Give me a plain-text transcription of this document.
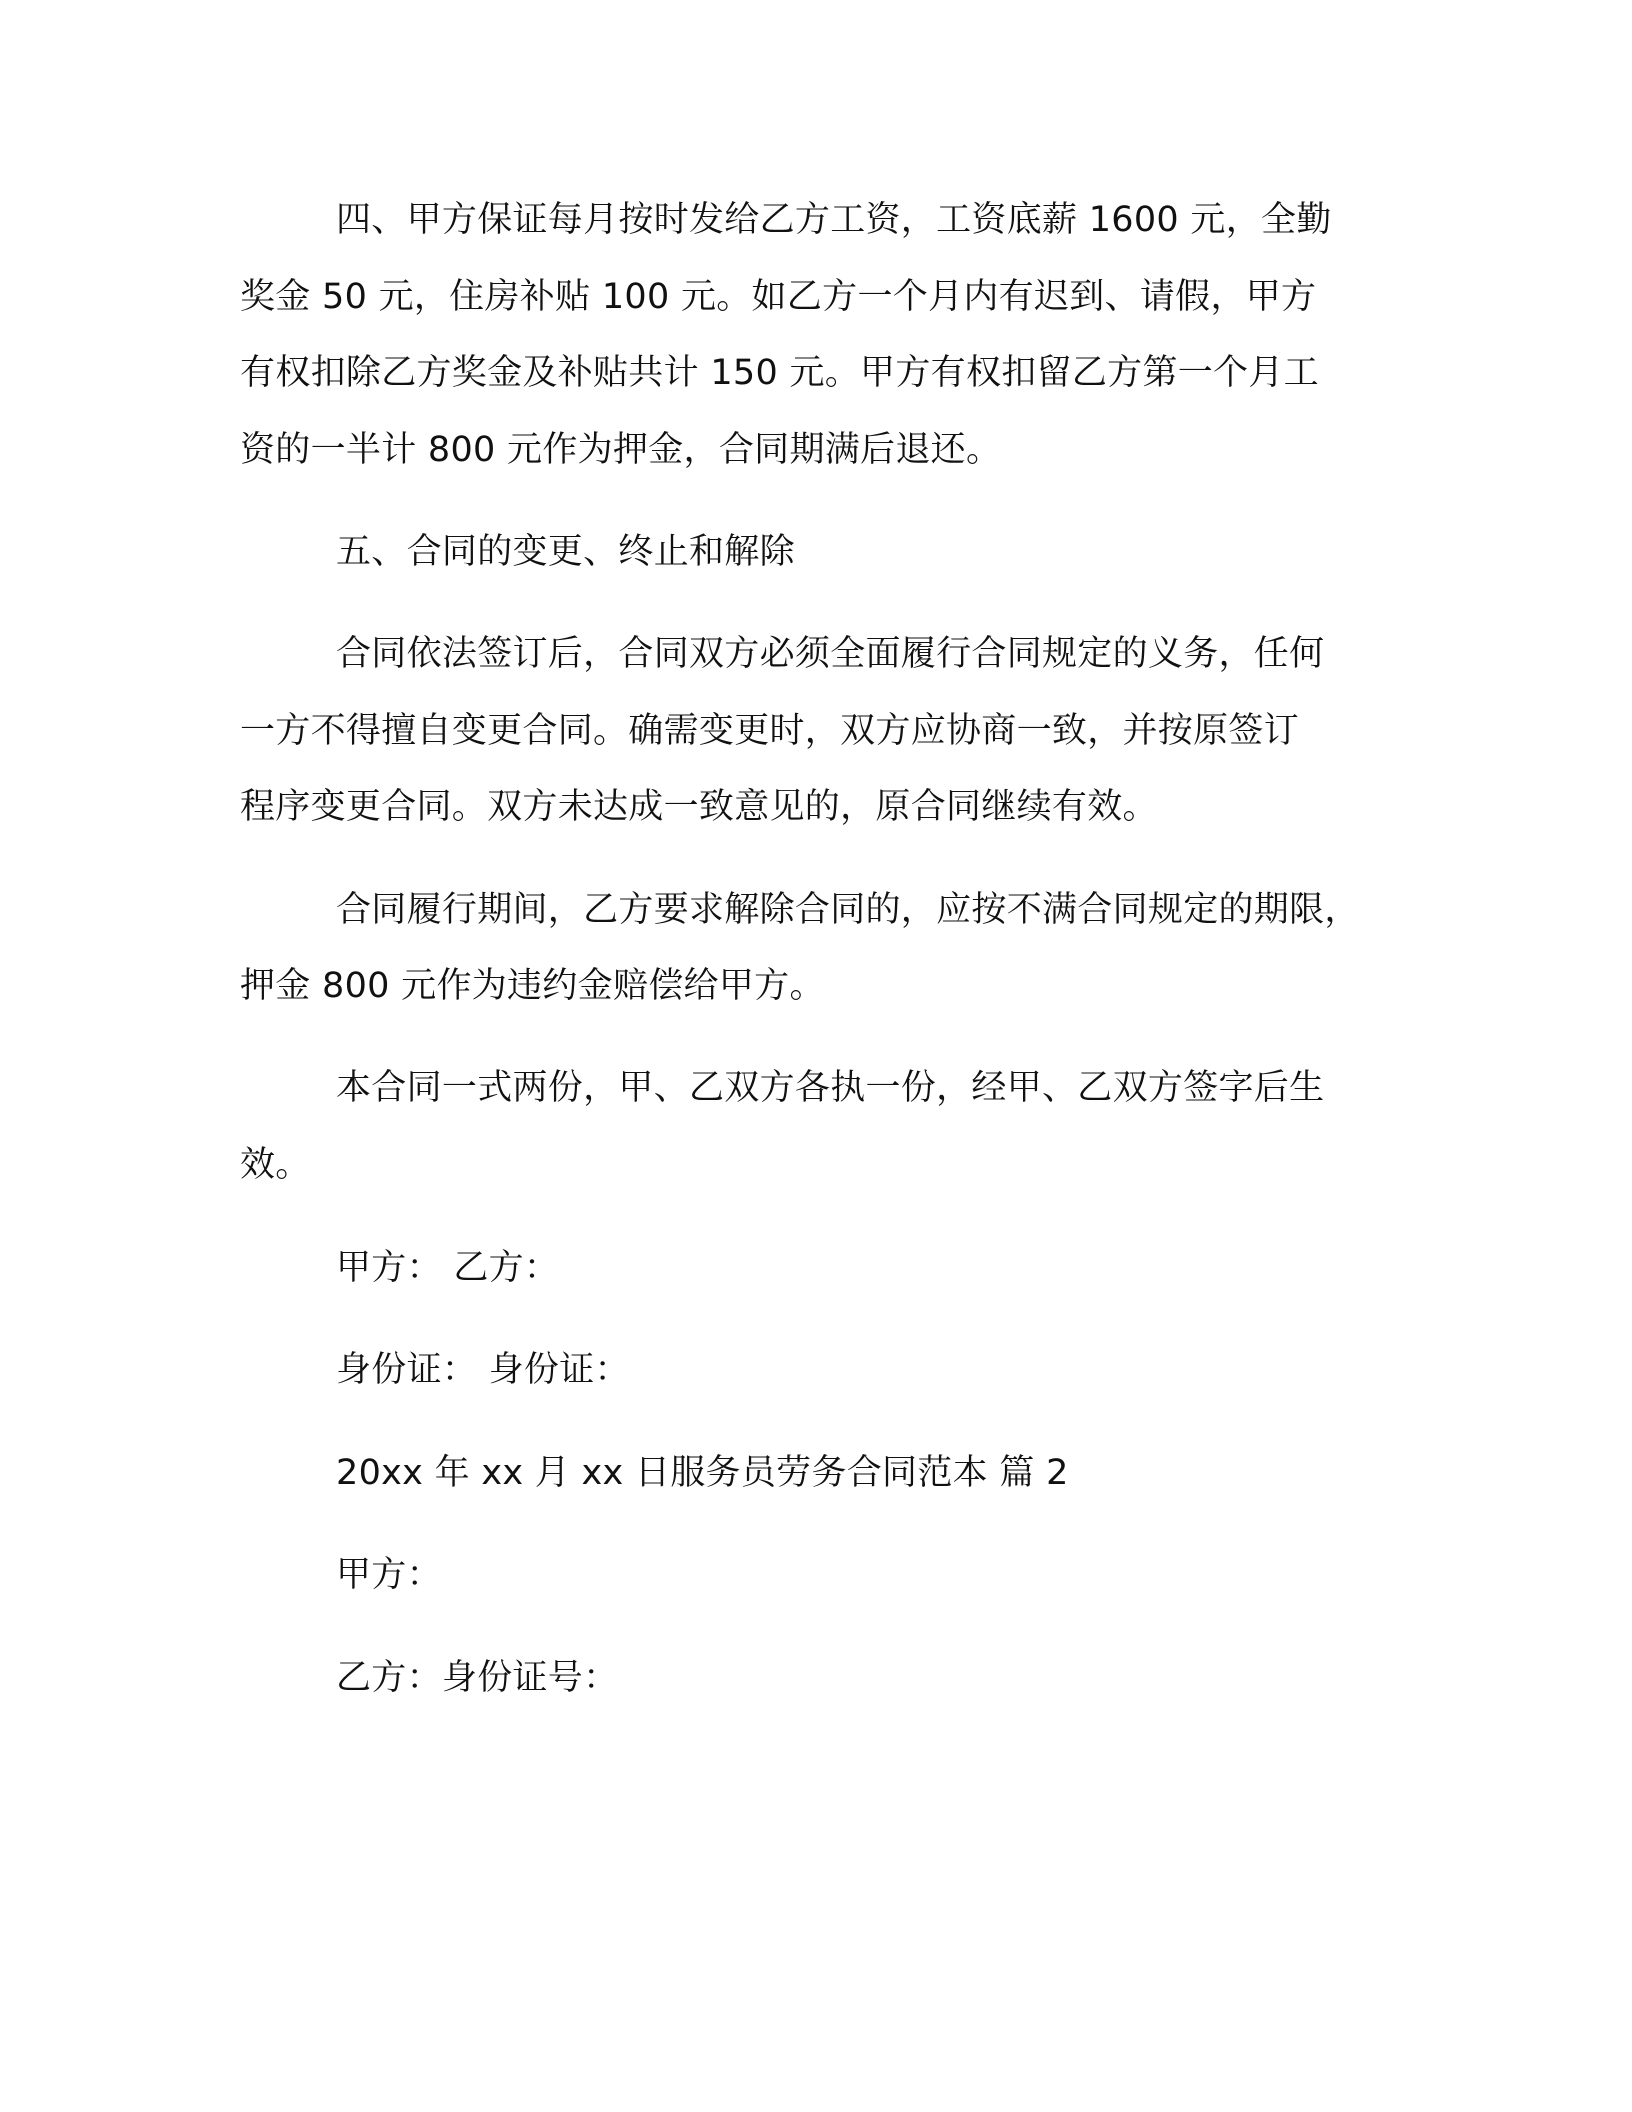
四、甲方保证每月按时发给乙方工资，工资底薪 1600 元，全勤
奖金 50 元，住房补贴 100 元。如乙方一个月内有迟到、请假，甲方
有权扣除乙方奖金及补贴共计 150 元。甲方有权扣留乙方第一个月工
资的一半计 800 元作为押金，合同期满后退还。
五、合同的变更、终止和解除
合同依法签订后，合同双方必须全面履行合同规定的义务，任何
一方不得擅自变更合同。确需变更时，双方应协商一致，并按原签订
程序变更合同。双方未达成一致意见的，原合同继续有效。
合同履行期间，乙方要求解除合同的，应按不满合同规定的期限，
押金 800 元作为违约金赔偿给甲方。
本合同一式两份，甲、乙双方各执一份，经甲、乙双方签字后生
效。
甲方： 乙方：
身份证： 身份证：
20xx 年 xx 月 xx 日服务员劳务合同范本 篇 2
甲方：
乙方：身份证号：
